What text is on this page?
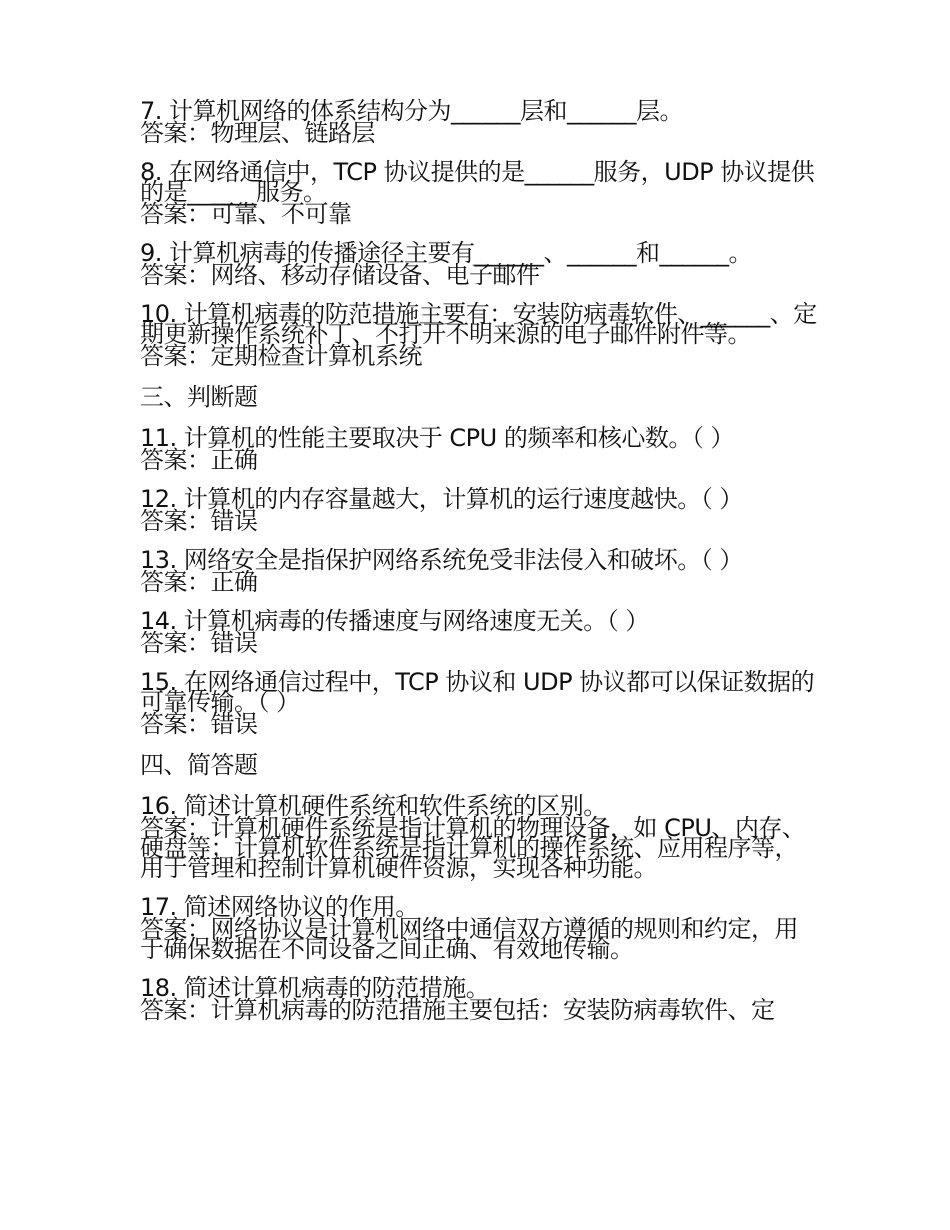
7. 计算机网络的体系结构分为______层和______层。
答案：物理层、链路层
8. 在网络通信中，TCP 协议提供的是______服务，UDP 协议提供的是______服务。
答案：可靠、不可靠
9. 计算机病毒的传播途径主要有______、______和______。
答案：网络、移动存储设备、电子邮件
10. 计算机病毒的防范措施主要有：安装防病毒软件、______、定期更新操作系统补丁、不打开不明来源的电子邮件附件等。
答案：定期检查计算机系统
三、判断题
11. 计算机的性能主要取决于 CPU 的频率和核心数。（ ）
答案：正确
12. 计算机的内存容量越大，计算机的运行速度越快。（ ）
答案：错误
13. 网络安全是指保护网络系统免受非法侵入和破坏。（ ）
答案：正确
14. 计算机病毒的传播速度与网络速度无关。（ ）
答案：错误
15. 在网络通信过程中，TCP 协议和 UDP 协议都可以保证数据的可靠传输。（ ）
答案：错误
四、简答题
16. 简述计算机硬件系统和软件系统的区别。
答案：计算机硬件系统是指计算机的物理设备，如 CPU、内存、硬盘等；计算机软件系统是指计算机的操作系统、应用程序等，用于管理和控制计算机硬件资源，实现各种功能。
17. 简述网络协议的作用。
答案：网络协议是计算机网络中通信双方遵循的规则和约定，用于确保数据在不同设备之间正确、有效地传输。
18. 简述计算机病毒的防范措施。
答案：计算机病毒的防范措施主要包括：安装防病毒软件、定
